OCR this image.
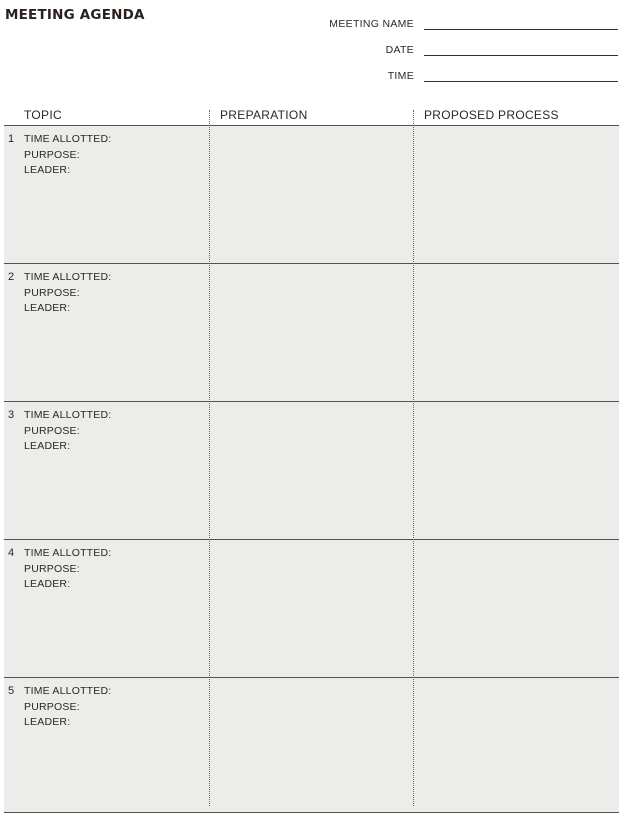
MEETING AGENDA
MEETING NAME
DATE
TIME
TOPIC	PREPARATION	PROPOSED PROCESS
1 TIME ALLOTTED:
PURPOSE:
LEADER:
2 TIME ALLOTTED:
PURPOSE:
LEADER:
3 TIME ALLOTTED:
PURPOSE:
LEADER:
4 TIME ALLOTTED:
PURPOSE:
LEADER:
5 TIME ALLOTTED:
PURPOSE:
LEADER:
